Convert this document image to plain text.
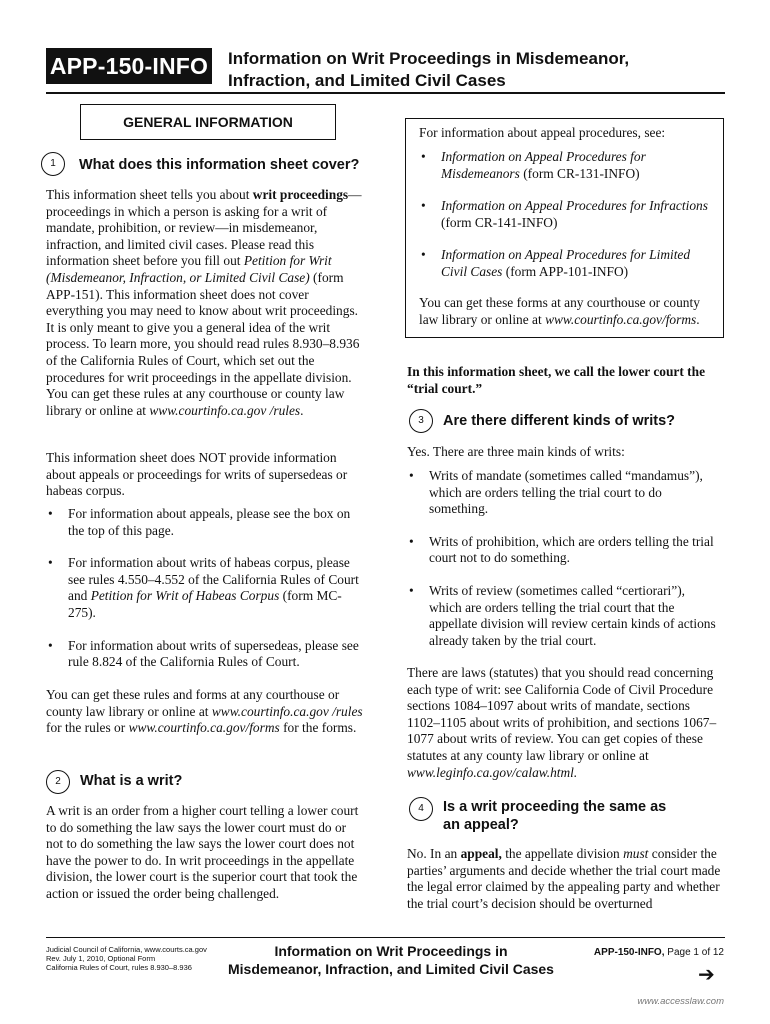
APP-150-INFO Information on Writ Proceedings in Misdemeanor,
Infraction, and Limited Civil Cases
GENERAL INFORMATION
1	What does this information sheet cover?
This information sheet tells you about writ proceedings—proceedings in which a person is asking for a writ of mandate, prohibition, or review—in misdemeanor, infraction, and limited civil cases. Please read this information sheet before you fill out Petition for Writ (Misdemeanor, Infraction, or Limited Civil Case) (form APP-151). This information sheet does not cover everything you may need to know about writ proceedings. It is only meant to give you a general idea of the writ process. To learn more, you should read rules 8.930–8.936 of the California Rules of Court, which set out the procedures for writ proceedings in the appellate division. You can get these rules at any courthouse or county law library or online at www.courtinfo.ca.gov /rules.
This information sheet does NOT provide information about appeals or proceedings for writs of supersedeas or habeas corpus.
• For information about appeals, please see the box on the top of this page.
• For information about writs of habeas corpus, please see rules 4.550–4.552 of the California Rules of Court and Petition for Writ of Habeas Corpus (form MC-275).
• For information about writs of supersedeas, please see rule 8.824 of the California Rules of Court.
You can get these rules and forms at any courthouse or county law library or online at www.courtinfo.ca.gov /rules for the rules or www.courtinfo.ca.gov/forms for the forms.
2	What is a writ?
A writ is an order from a higher court telling a lower court to do something the law says the lower court must do or not to do something the law says the lower court does not have the power to do. In writ proceedings in the appellate division, the lower court is the superior court that took the action or issued the order being challenged.
For information about appeal procedures, see:
• Information on Appeal Procedures for Misdemeanors (form CR-131-INFO)
• Information on Appeal Procedures for Infractions (form CR-141-INFO)
• Information on Appeal Procedures for Limited Civil Cases (form APP-101-INFO)
You can get these forms at any courthouse or county law library or online at www.courtinfo.ca.gov/forms.
In this information sheet, we call the lower court the “trial court.”
3	Are there different kinds of writs?
Yes. There are three main kinds of writs:
• Writs of mandate (sometimes called “mandamus”), which are orders telling the trial court to do something.
• Writs of prohibition, which are orders telling the trial court not to do something.
• Writs of review (sometimes called “certiorari”), which are orders telling the trial court that the appellate division will review certain kinds of actions already taken by the trial court.
There are laws (statutes) that you should read concerning each type of writ: see California Code of Civil Procedure sections 1084–1097 about writs of mandate, sections 1102–1105 about writs of prohibition, and sections 1067–1077 about writs of review. You can get copies of these statutes at any county law library or online at www.leginfo.ca.gov/calaw.html.
4	Is a writ proceeding the same as
an appeal?
No. In an appeal, the appellate division must consider the parties’ arguments and decide whether the trial court made the legal error claimed by the appealing party and whether the trial court’s decision should be overturned
Judicial Council of California, www.courts.ca.gov
Rev. July 1, 2010, Optional Form
California Rules of Court, rules 8.930–8.936
Information on Writ Proceedings in
Misdemeanor, Infraction, and Limited Civil Cases
APP-150-INFO, Page 1 of 12
➔
www.accesslaw.com
